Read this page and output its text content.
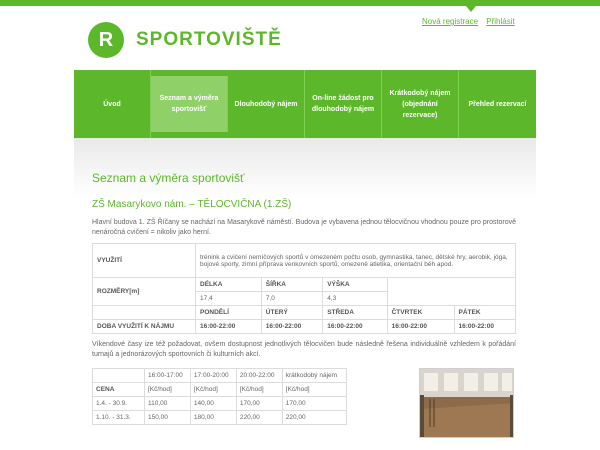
R	SPORTOVIŠTĚ
Nová registrace Přihlásit
Úvod
Seznam a výměra sportovišť
Dlouhodobý nájem
On-line žádost pro dlouhodobý nájem
Krátkodobý nájem (objednání rezervace)
Přehled rezervací
Seznam a výměra sportovišť
ZŠ Masarykovo nám. – TĚLOCVIČNA (1.ZŠ)
Hlavní budova 1. ZŠ Říčany se nachází na Masarykově náměstí. Budova je vybavena jednou tělocvičnou vhodnou pouze pro prostorově nenáročná cvičení = nikoliv jako herní.
VYUŽITÍ	trénink a cvičení nemíčových sportů v omezeném počtu osob, gymnastika, tanec, dětské hry, aerobik, jóga, bojové sporty, zimní příprava venkovních sportů, omezeně atletika, orientační běh apod.				
ROZMĚRY[m]	DÉLKA	ŠÍŘKA	VÝŠKA		
	17,4	7,0	4,3		
	PONDĚLÍ	ÚTERÝ	STŘEDA	ČTVRTEK	PÁTEK
DOBA VYUŽITÍ K NÁJMU	16:00-22:00	16:00-22:00	16:00-22:00	16:00-22:00	16:00-22:00
Víkendové časy ize též požadovat, ovšem dostupnost jednotlivých tělocvičen bude následně řešena individuálně vzhledem k pořádání turnajů a jednorázových sportovních či kulturních akcí.
	16:00-17:00	17:00-20:00	20:00-22:00	krátkodobý nájem
CENA	[Kč/hod]	[Kč/hod]	[Kč/hod]	[Kč/hod]
1.4. - 30.9.	110,00	140,00	170,00	170,00
1.10. - 31.3.	150,00	180,00	220,00	220,00
